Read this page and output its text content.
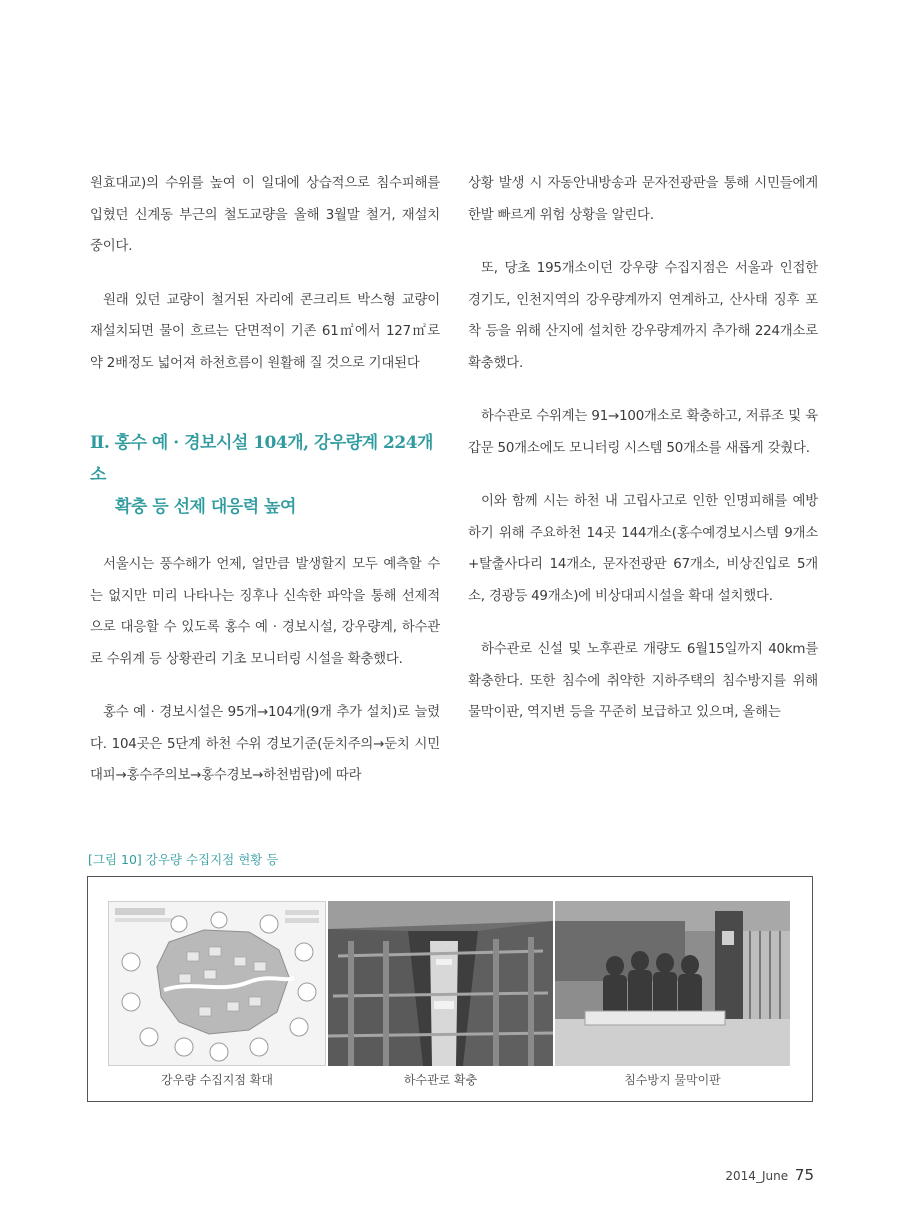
원효대교)의 수위를 높여 이 일대에 상습적으로 침수피해를 입혔던 신계동 부근의 철도교량을 올해 3월말 철거, 재설치 중이다.

원래 있던 교량이 철거된 자리에 콘크리트 박스형 교량이 재설치되면 물이 흐르는 단면적이 기존 61㎡에서 127㎡로 약 2배정도 넓어져 하천흐름이 원활해 질 것으로 기대된다

Ⅱ. 홍수 예 · 경보시설 104개, 강우량계 224개소
확충 등 선제 대응력 높여

서울시는 풍수해가 언제, 얼만큼 발생할지 모두 예측할 수는 없지만 미리 나타나는 징후나 신속한 파악을 통해 선제적으로 대응할 수 있도록 홍수 예 · 경보시설, 강우량계, 하수관로 수위계 등 상황관리 기초 모니터링 시설을 확충했다.

홍수 예 · 경보시설은 95개→104개(9개 추가 설치)로 늘렸다. 104곳은 5단계 하천 수위 경보기준(둔치주의→둔치 시민대피→홍수주의보→홍수경보→하천범람)에 따라

상황 발생 시 자동안내방송과 문자전광판을 통해 시민들에게 한발 빠르게 위험 상황을 알린다.

또, 당초 195개소이던 강우량 수집지점은 서울과 인접한 경기도, 인천지역의 강우량계까지 연계하고, 산사태 징후 포착 등을 위해 산지에 설치한 강우량계까지 추가해 224개소로 확충했다.

하수관로 수위계는 91→100개소로 확충하고, 저류조 및 육갑문 50개소에도 모니터링 시스템 50개소를 새롭게 갖췄다.

이와 함께 시는 하천 내 고립사고로 인한 인명피해를 예방하기 위해 주요하천 14곳 144개소(홍수예경보시스템 9개소+탈출사다리 14개소, 문자전광판 67개소, 비상진입로 5개소, 경광등 49개소)에 비상대피시설을 확대 설치했다.

하수관로 신설 및 노후관로 개량도 6월15일까지 40km를 확충한다. 또한 침수에 취약한 지하주택의 침수방지를 위해 물막이판, 역지변 등을 꾸준히 보급하고 있으며, 올해는

[그림 10] 강우량 수집지점 현황 등
강우량 수집지점 확대	하수관로 확충	침수방지 물막이판
2014_June 75
